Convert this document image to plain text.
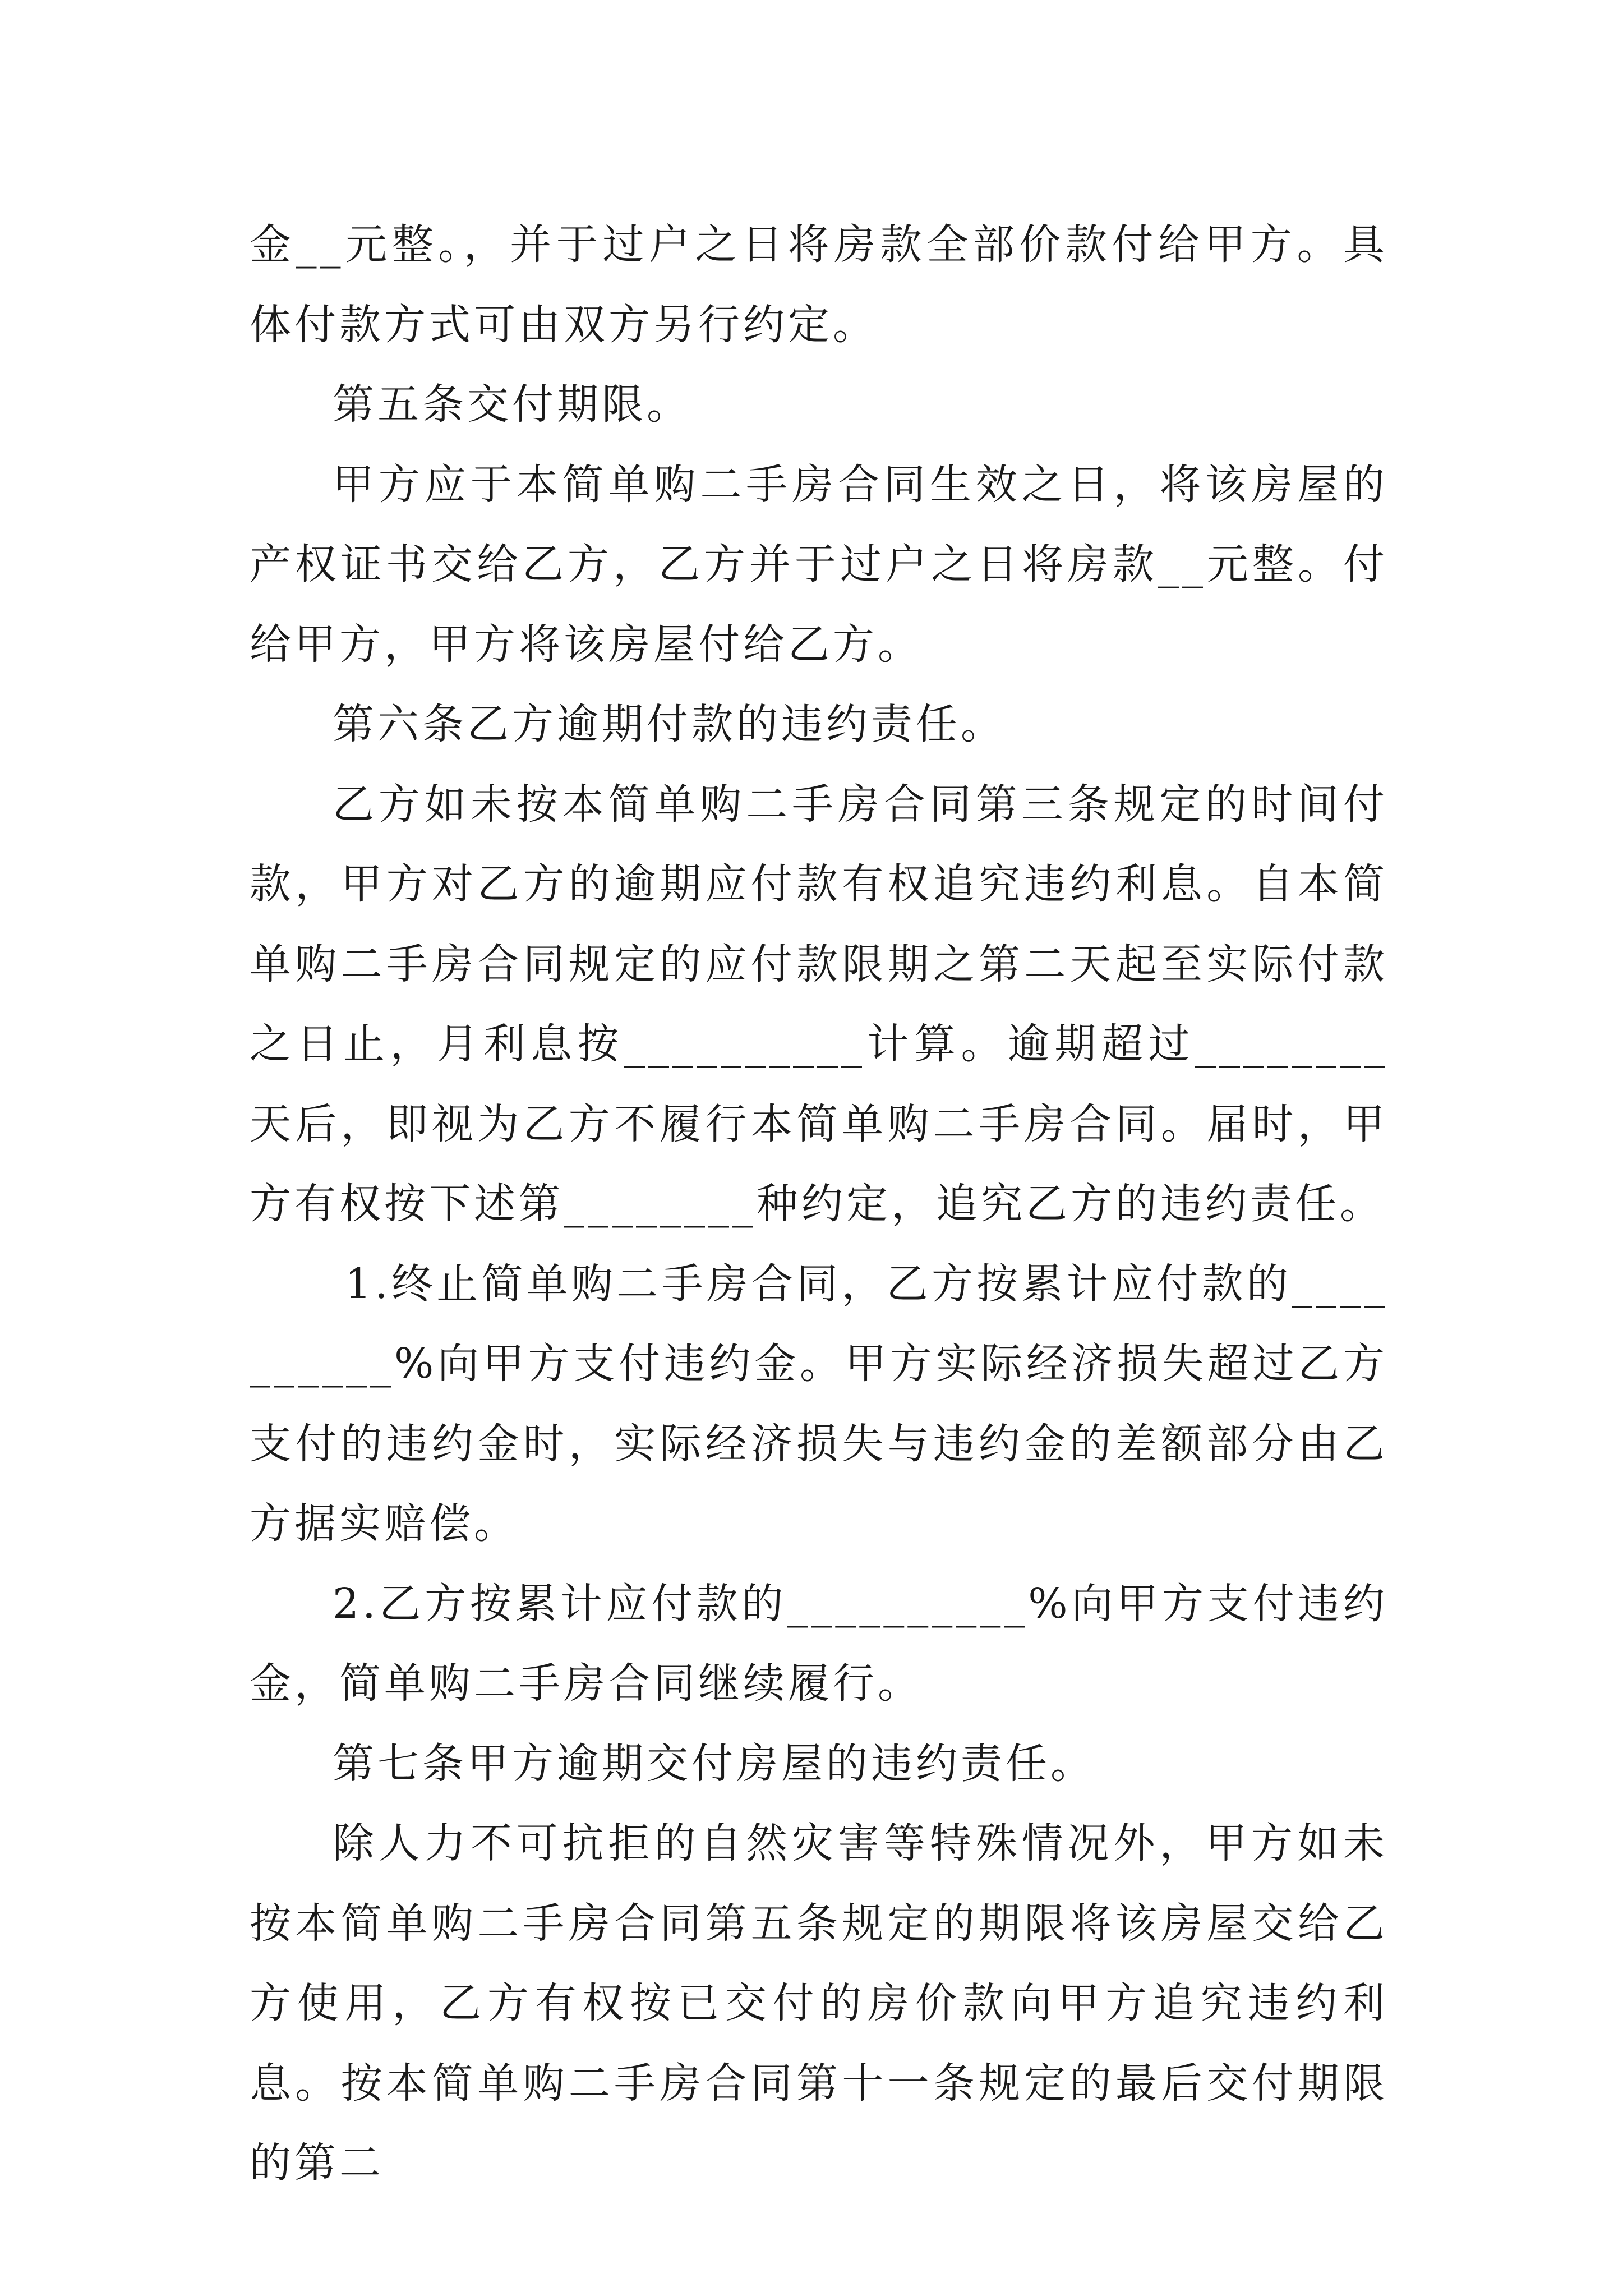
金__元整。，并于过户之日将房款全部价款付给甲方。具体付款方式可由双方另行约定。

第五条交付期限。

甲方应于本简单购二手房合同生效之日，将该房屋的产权证书交给乙方，乙方并于过户之日将房款__元整。付给甲方，甲方将该房屋付给乙方。

第六条乙方逾期付款的违约责任。

乙方如未按本简单购二手房合同第三条规定的时间付款，甲方对乙方的逾期应付款有权追究违约利息。自本简单购二手房合同规定的应付款限期之第二天起至实际付款之日止，月利息按__________计算。逾期超过________天后，即视为乙方不履行本简单购二手房合同。届时，甲方有权按下述第________种约定，追究乙方的违约责任。

1.终止简单购二手房合同，乙方按累计应付款的__________%向甲方支付违约金。甲方实际经济损失超过乙方支付的违约金时，实际经济损失与违约金的差额部分由乙方据实赔偿。

2.乙方按累计应付款的__________%向甲方支付违约金，简单购二手房合同继续履行。

第七条甲方逾期交付房屋的违约责任。

除人力不可抗拒的自然灾害等特殊情况外，甲方如未按本简单购二手房合同第五条规定的期限将该房屋交给乙方使用，乙方有权按已交付的房价款向甲方追究违约利息。按本简单购二手房合同第十一条规定的最后交付期限的第二
